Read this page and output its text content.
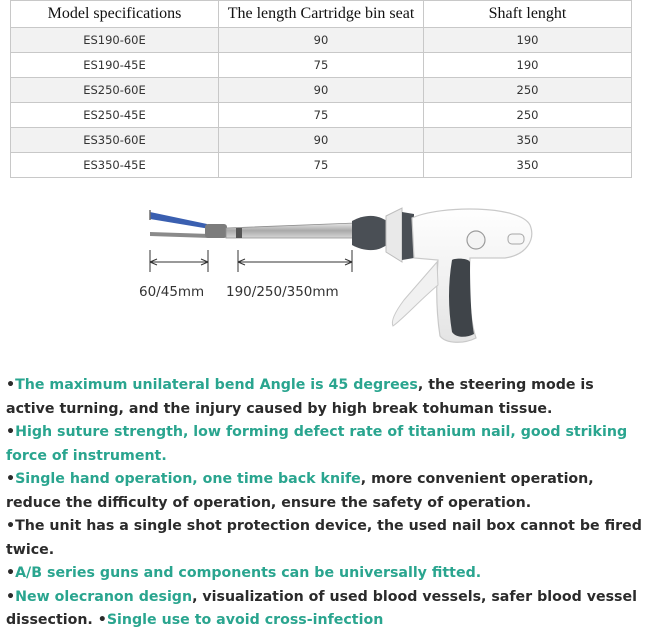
Model specifications	The length Cartridge bin seat	Shaft lenght
ES190-60E	90	190
ES190-45E	75	190
ES250-60E	90	250
ES250-45E	75	250
ES350-60E	90	350
ES350-45E	75	350
60/45mm 190/250/350mm
•The maximum unilateral bend Angle is 45 degrees, the steering mode is active turning, and the injury caused by high break tohuman tissue.
•High suture strength, low forming defect rate of titanium nail, good striking force of instrument.
•Single hand operation, one time back knife, more convenient operation, reduce the difficulty of operation, ensure the safety of operation.
•The unit has a single shot protection device, the used nail box cannot be fired twice.
•A/B series guns and components can be universally fitted.
•New olecranon design, visualization of used blood vessels, safer blood vessel dissection. •Single use to avoid cross-infection
